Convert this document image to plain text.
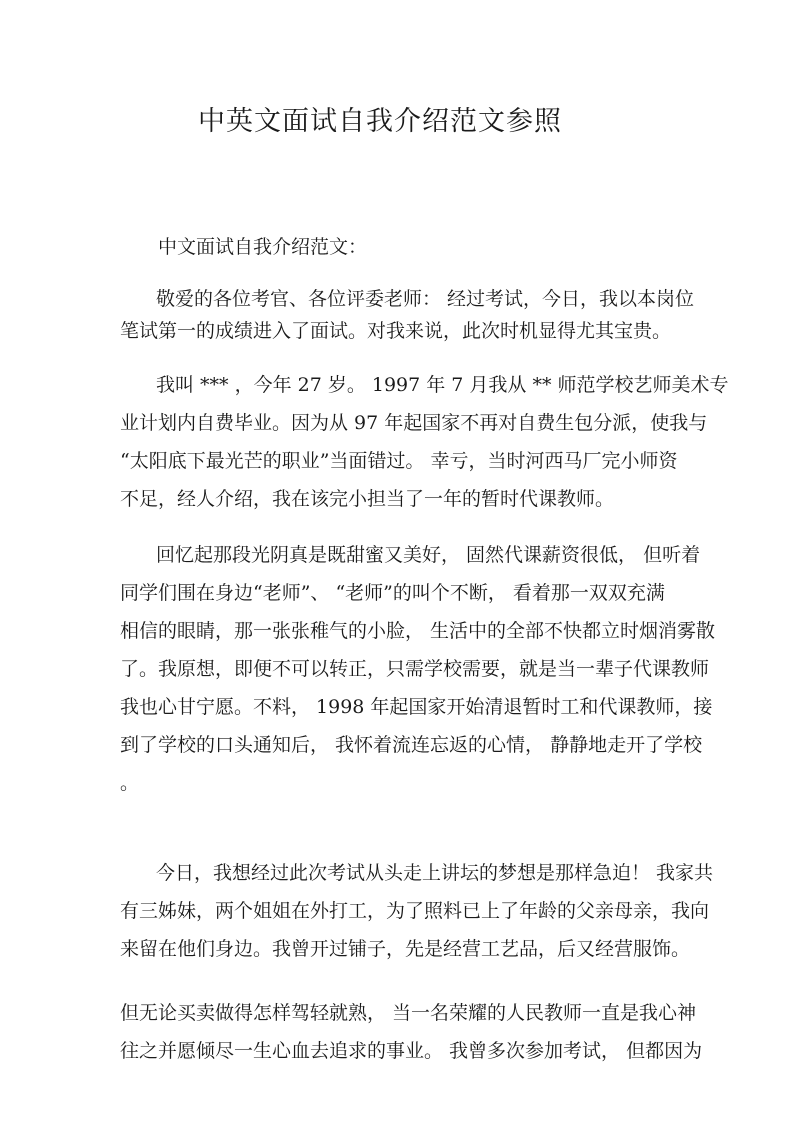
中英文面试自我介绍范文参照
中文面试自我介绍范文：
敬爱的各位考官、各位评委老师： 经过考试，今日，我以本岗位
笔试第一的成绩进入了面试。对我来说，此次时机显得尤其宝贵。
我叫 *** ，今年 27 岁。 1997 年 7 月我从 ** 师范学校艺师美术专
业计划内自费毕业。因为从 97 年起国家不再对自费生包分派，使我与
“太阳底下最光芒的职业”当面错过。 幸亏，当时河西马厂完小师资
不足，经人介绍，我在该完小担当了一年的暂时代课教师。
回忆起那段光阴真是既甜蜜又美好， 固然代课薪资很低， 但听着
同学们围在身边“老师”、 “老师”的叫个不断， 看着那一双双充满
相信的眼睛，那一张张稚气的小脸， 生活中的全部不快都立时烟消雾散
了。我原想，即便不可以转正，只需学校需要，就是当一辈子代课教师
我也心甘宁愿。不料， 1998 年起国家开始清退暂时工和代课教师，接
到了学校的口头通知后， 我怀着流连忘返的心情， 静静地走开了学校
。
今日，我想经过此次考试从头走上讲坛的梦想是那样急迫！ 我家共
有三姊妹，两个姐姐在外打工，为了照料已上了年龄的父亲母亲，我向
来留在他们身边。我曾开过铺子，先是经营工艺品，后又经营服饰。
但无论买卖做得怎样驾轻就熟， 当一名荣耀的人民教师一直是我心神
往之并愿倾尽一生心血去追求的事业。 我曾多次参加考试， 但都因为
